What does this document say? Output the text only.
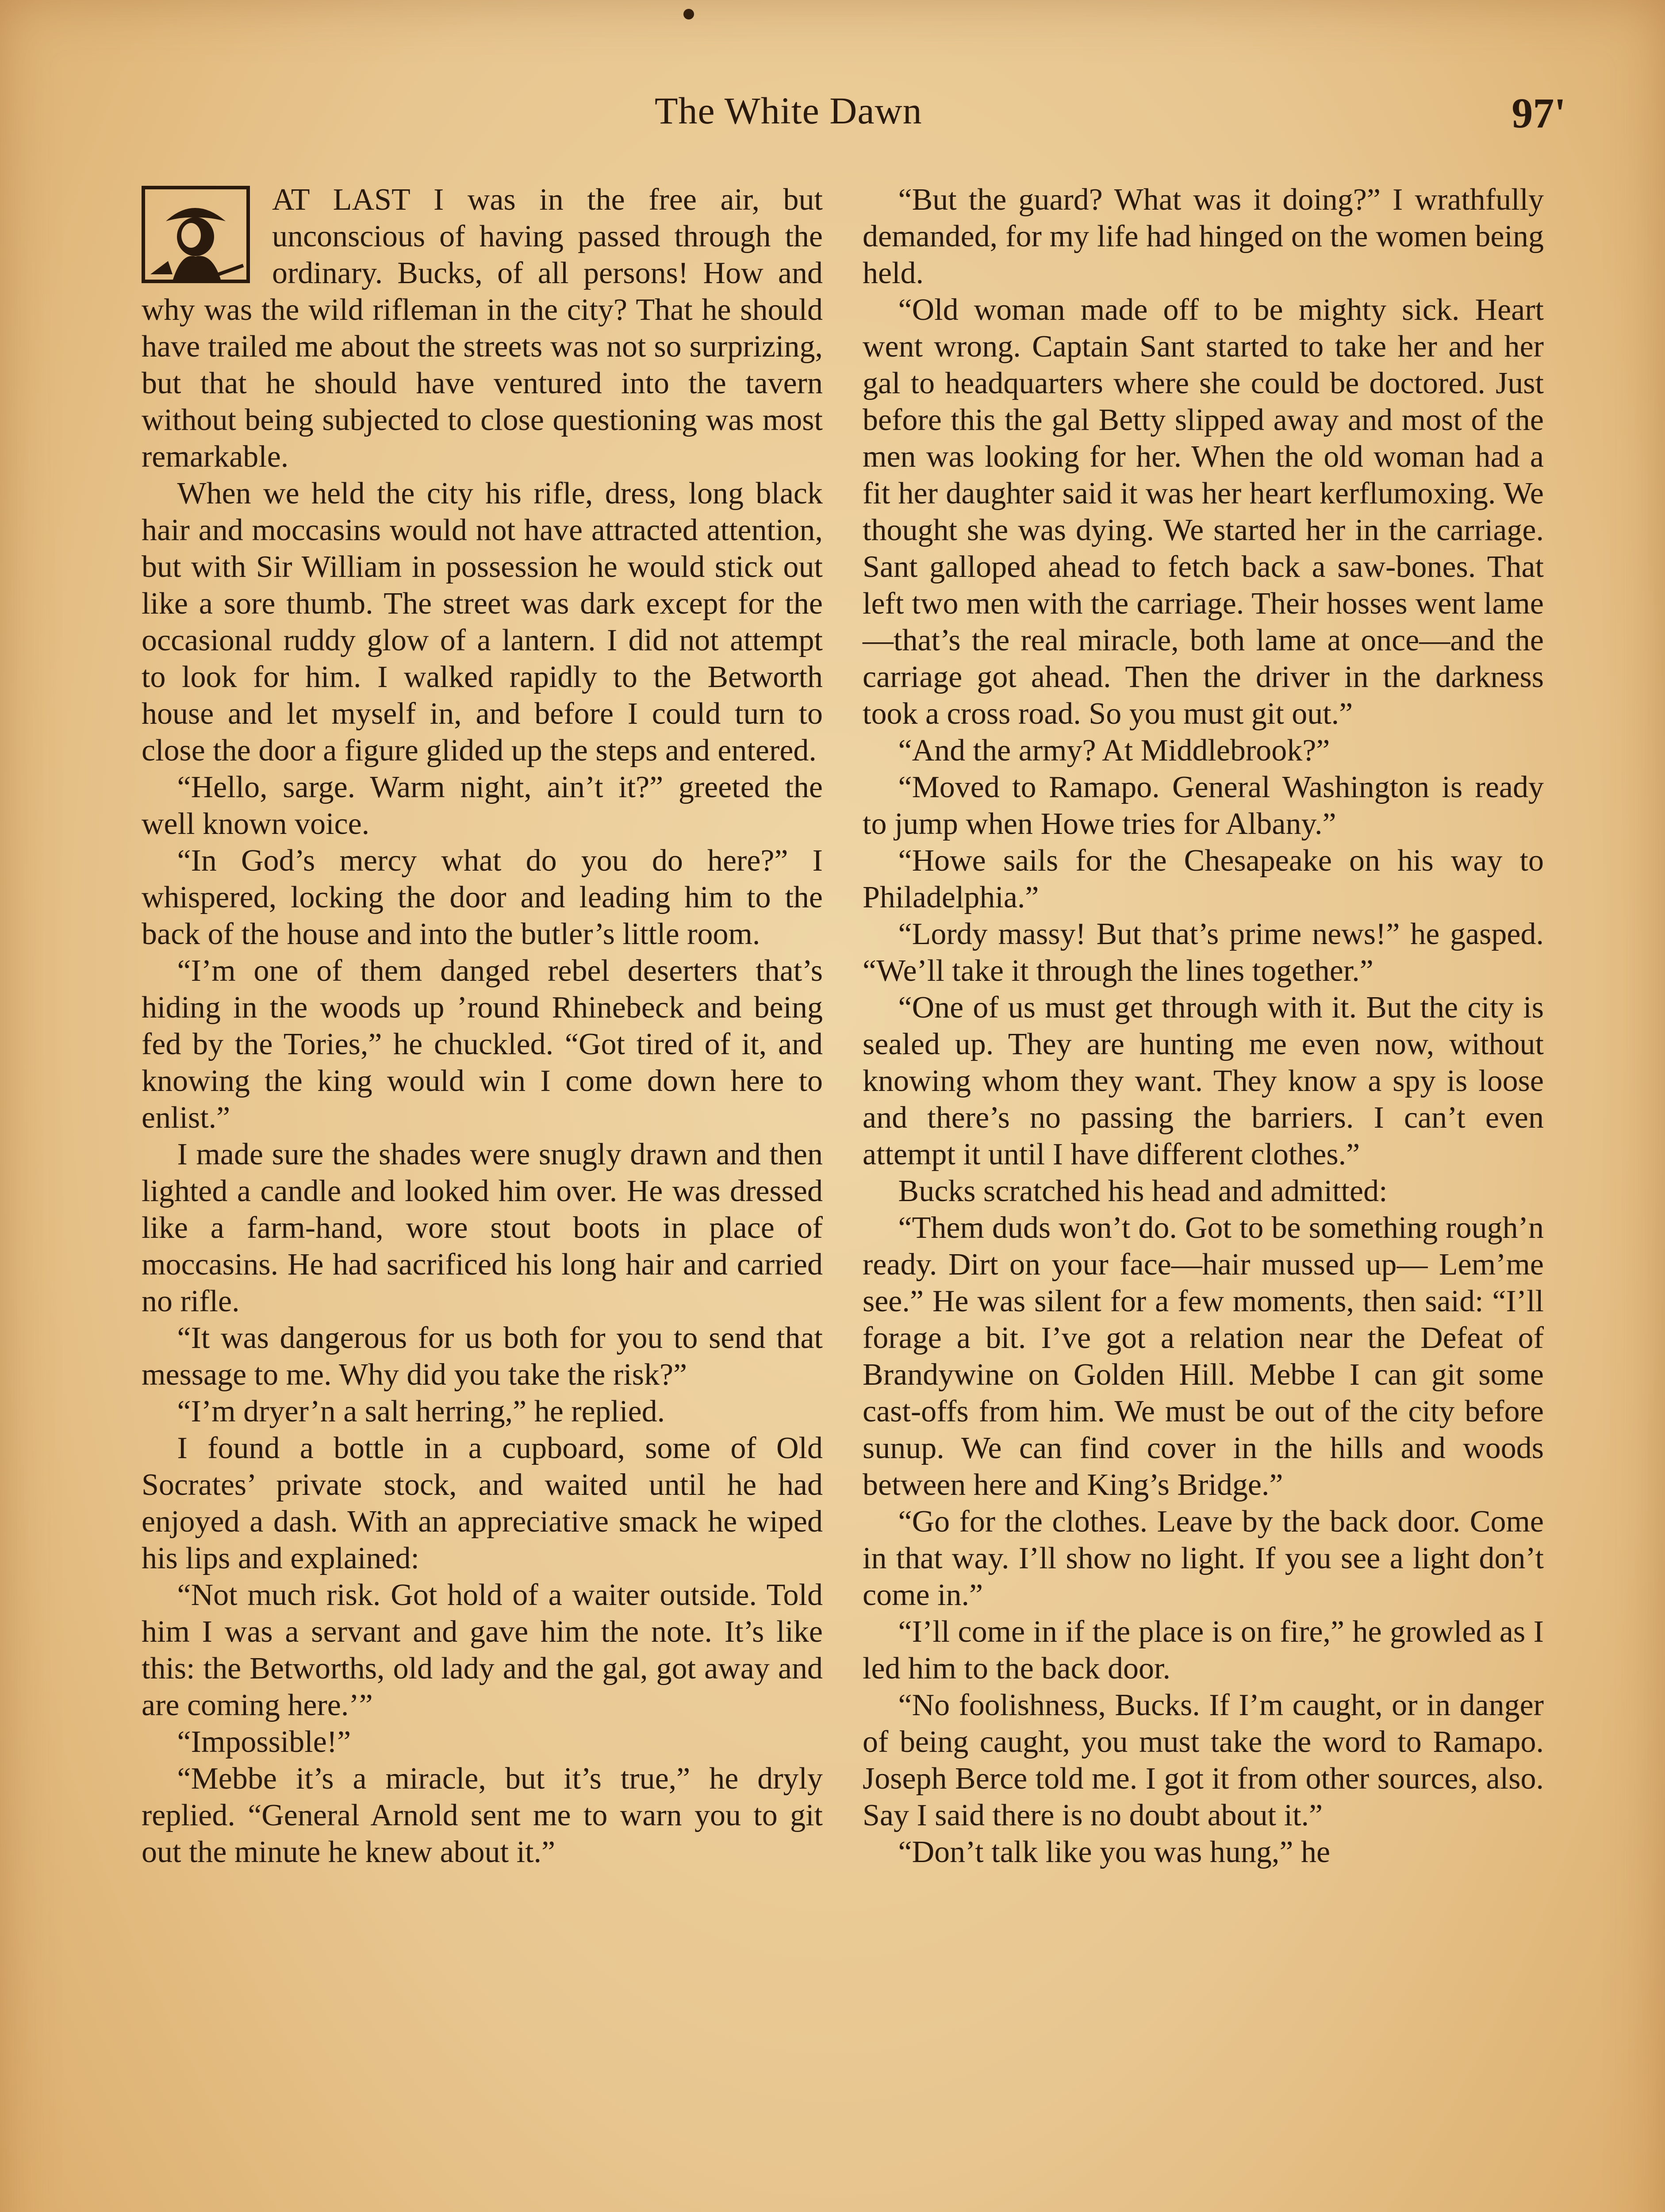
The White Dawn	97'

AT LAST I was in the free air, but unconscious of having passed through the ordinary. Bucks, of all persons! How and why was the wild rifleman in the city? That he should have trailed me about the streets was not so surprizing, but that he should have ventured into the tavern without being subjected to close questioning was most remarkable.

When we held the city his rifle, dress, long black hair and moccasins would not have attracted attention, but with Sir William in possession he would stick out like a sore thumb. The street was dark except for the occasional ruddy glow of a lantern. I did not attempt to look for him. I walked rapidly to the Betworth house and let myself in, and before I could turn to close the door a figure glided up the steps and entered.

“Hello, sarge. Warm night, ain’t it?” greeted the well known voice.

“In God’s mercy what do you do here?” I whispered, locking the door and leading him to the back of the house and into the butler’s little room.

“I’m one of them danged rebel deserters that’s hiding in the woods up ’round Rhinebeck and being fed by the Tories,” he chuckled. “Got tired of it, and knowing the king would win I come down here to enlist.”

I made sure the shades were snugly drawn and then lighted a candle and looked him over. He was dressed like a farm-hand, wore stout boots in place of moccasins. He had sacrificed his long hair and carried no rifle.

“It was dangerous for us both for you to send that message to me. Why did you take the risk?”

“I’m dryer’n a salt herring,” he replied.

I found a bottle in a cupboard, some of Old Socrates’ private stock, and waited until he had enjoyed a dash. With an appreciative smack he wiped his lips and explained:

“Not much risk. Got hold of a waiter outside. Told him I was a servant and gave him the note. It’s like this: the Betworths, old lady and the gal, got away and are coming here.’”

“Impossible!”

“Mebbe it’s a miracle, but it’s true,” he dryly replied. “General Arnold sent me to warn you to git out the minute he knew about it.”

“But the guard? What was it doing?” I wrathfully demanded, for my life had hinged on the women being held.

“Old woman made off to be mighty sick. Heart went wrong. Captain Sant started to take her and her gal to headquarters where she could be doctored. Just before this the gal Betty slipped away and most of the men was looking for her. When the old woman had a fit her daughter said it was her heart kerflumoxing. We thought she was dying. We started her in the carriage. Sant galloped ahead to fetch back a saw-bones. That left two men with the carriage. Their hosses went lame—that’s the real miracle, both lame at once—and the carriage got ahead. Then the driver in the darkness took a cross road. So you must git out.”

“And the army? At Middlebrook?”

“Moved to Ramapo. General Washington is ready to jump when Howe tries for Albany.”

“Howe sails for the Chesapeake on his way to Philadelphia.”

“Lordy massy! But that’s prime news!” he gasped. “We’ll take it through the lines together.”

“One of us must get through with it. But the city is sealed up. They are hunting me even now, without knowing whom they want. They know a spy is loose and there’s no passing the barriers. I can’t even attempt it until I have different clothes.”

Bucks scratched his head and admitted:

“Them duds won’t do. Got to be something rough’n ready. Dirt on your face—hair mussed up— Lem’me see.” He was silent for a few moments, then said: “I’ll forage a bit. I’ve got a relation near the Defeat of Brandywine on Golden Hill. Mebbe I can git some cast-offs from him. We must be out of the city before sunup. We can find cover in the hills and woods between here and King’s Bridge.”

“Go for the clothes. Leave by the back door. Come in that way. I’ll show no light. If you see a light don’t come in.”

“I’ll come in if the place is on fire,” he growled as I led him to the back door.

“No foolishness, Bucks. If I’m caught, or in danger of being caught, you must take the word to Ramapo. Joseph Berce told me. I got it from other sources, also. Say I said there is no doubt about it.”

“Don’t talk like you was hung,” he
